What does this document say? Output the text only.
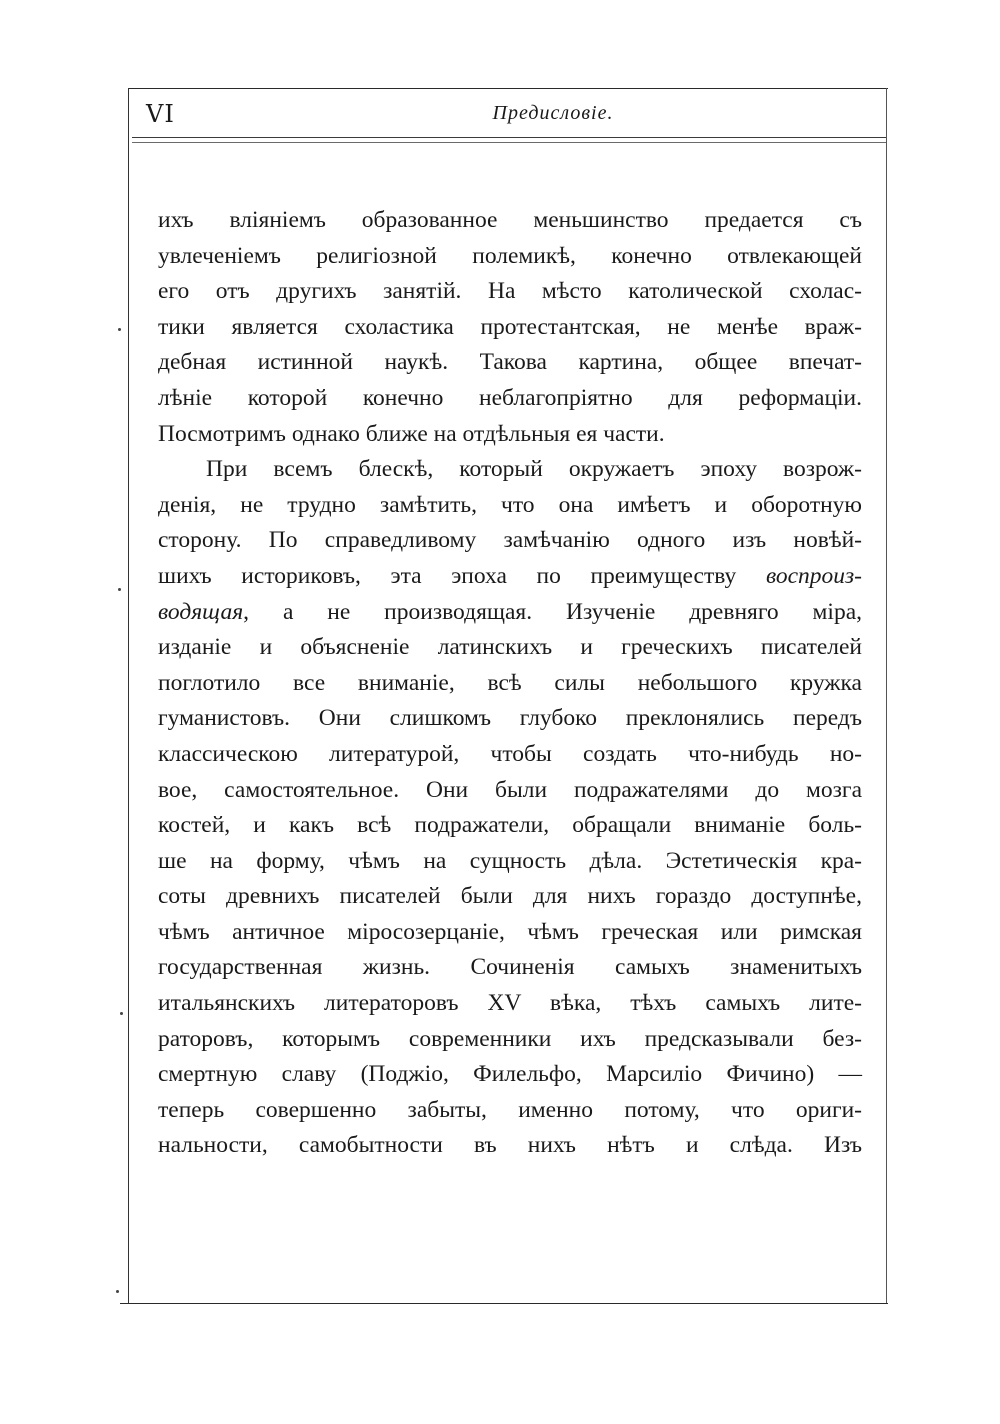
VI	Предисловіе.
ихъ вліяніемъ образованное меньшинство предается съ
увлеченіемъ религіозной полемикѣ, конечно отвлекающей
его отъ другихъ занятій. На мѣсто католической схолас-
тики является схоластика протестантская, не менѣе враж-
дебная истинной наукѣ. Такова картина, общее впечат-
лѣніе которой конечно неблагопріятно для реформаціи.
Посмотримъ однако ближе на отдѣльныя ея части.
При всемъ блескѣ, который окружаетъ эпоху возрож-
денія, не трудно замѣтить, что она имѣетъ и оборотную
сторону. По справедливому замѣчанію одного изъ новѣй-
шихъ историковъ, эта эпоха по преимуществу воспроиз-
водящая, а не производящая. Изученіе древняго міра,
изданіе и объясненіе латинскихъ и греческихъ писателей
поглотило все вниманіе, всѣ силы небольшого кружка
гуманистовъ. Они слишкомъ глубоко преклонялись передъ
классическою литературой, чтобы создать что-нибудь но-
вое, самостоятельное. Они были подражателями до мозга
костей, и какъ всѣ подражатели, обращали вниманіе боль-
ше на форму, чѣмъ на сущность дѣла. Эстетическія кра-
соты древнихъ писателей были для нихъ гораздо доступнѣе,
чѣмъ античное міросозерцаніе, чѣмъ греческая или римская
государственная жизнь. Сочиненія самыхъ знаменитыхъ
итальянскихъ литераторовъ XV вѣка, тѣхъ самыхъ лите-
раторовъ, которымъ современники ихъ предсказывали без-
смертную славу (Поджіо, Филельфо, Марсиліо Фичино) —
теперь совершенно забыты, именно потому, что ориги-
нальности, самобытности въ нихъ нѣтъ и слѣда. Изъ
